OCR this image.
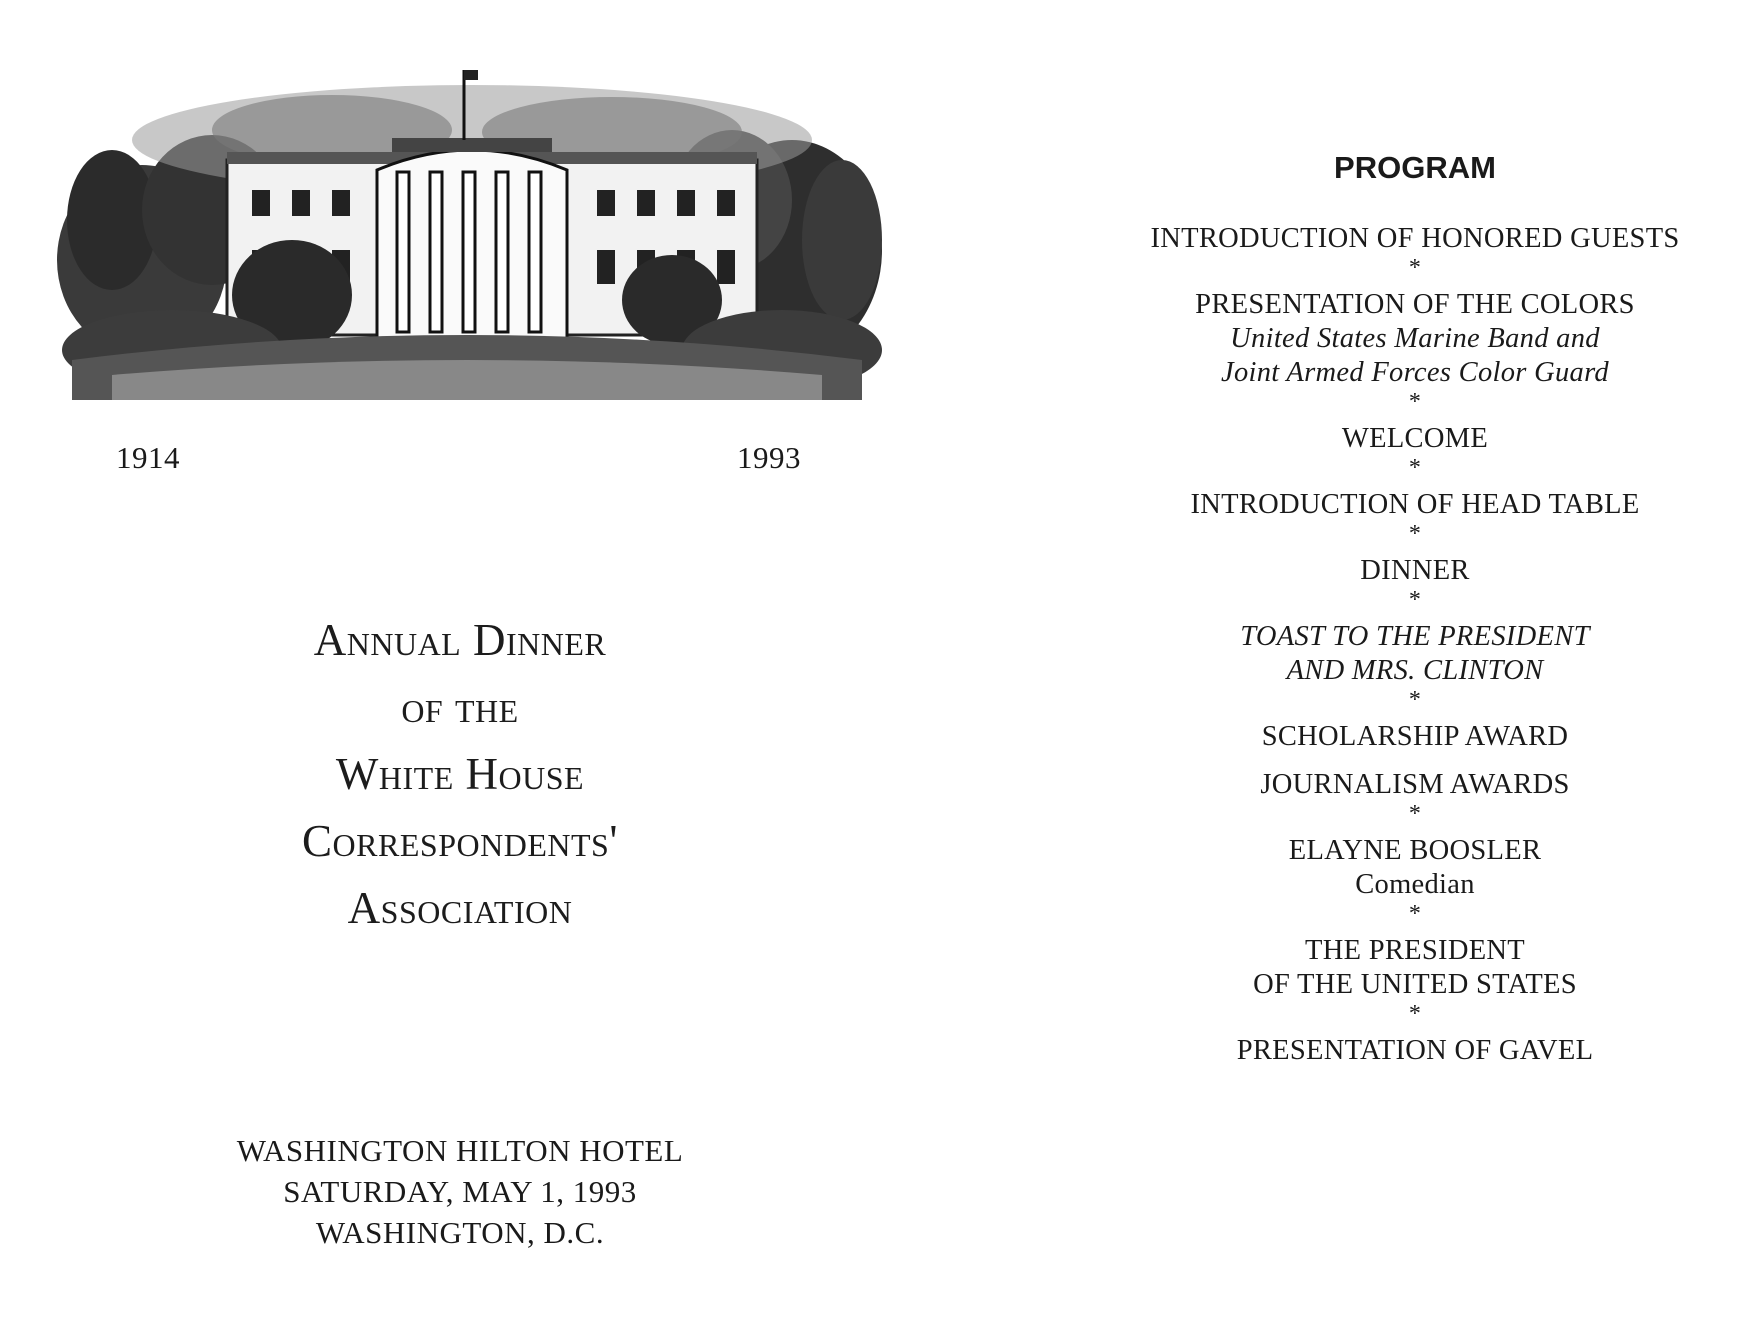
1914	1993
Annual Dinner
of the
White House
Correspondents'
Association
WASHINGTON HILTON HOTEL
SATURDAY, MAY 1, 1993
WASHINGTON, D.C.
PROGRAM
INTRODUCTION OF HONORED GUESTS
*
PRESENTATION OF THE COLORS
United States Marine Band and
Joint Armed Forces Color Guard
*
WELCOME
*
INTRODUCTION OF HEAD TABLE
*
DINNER
*
TOAST TO THE PRESIDENT
AND MRS. CLINTON
*
SCHOLARSHIP AWARD
JOURNALISM AWARDS
*
ELAYNE BOOSLER
Comedian
*
THE PRESIDENT
OF THE UNITED STATES
*
PRESENTATION OF GAVEL
